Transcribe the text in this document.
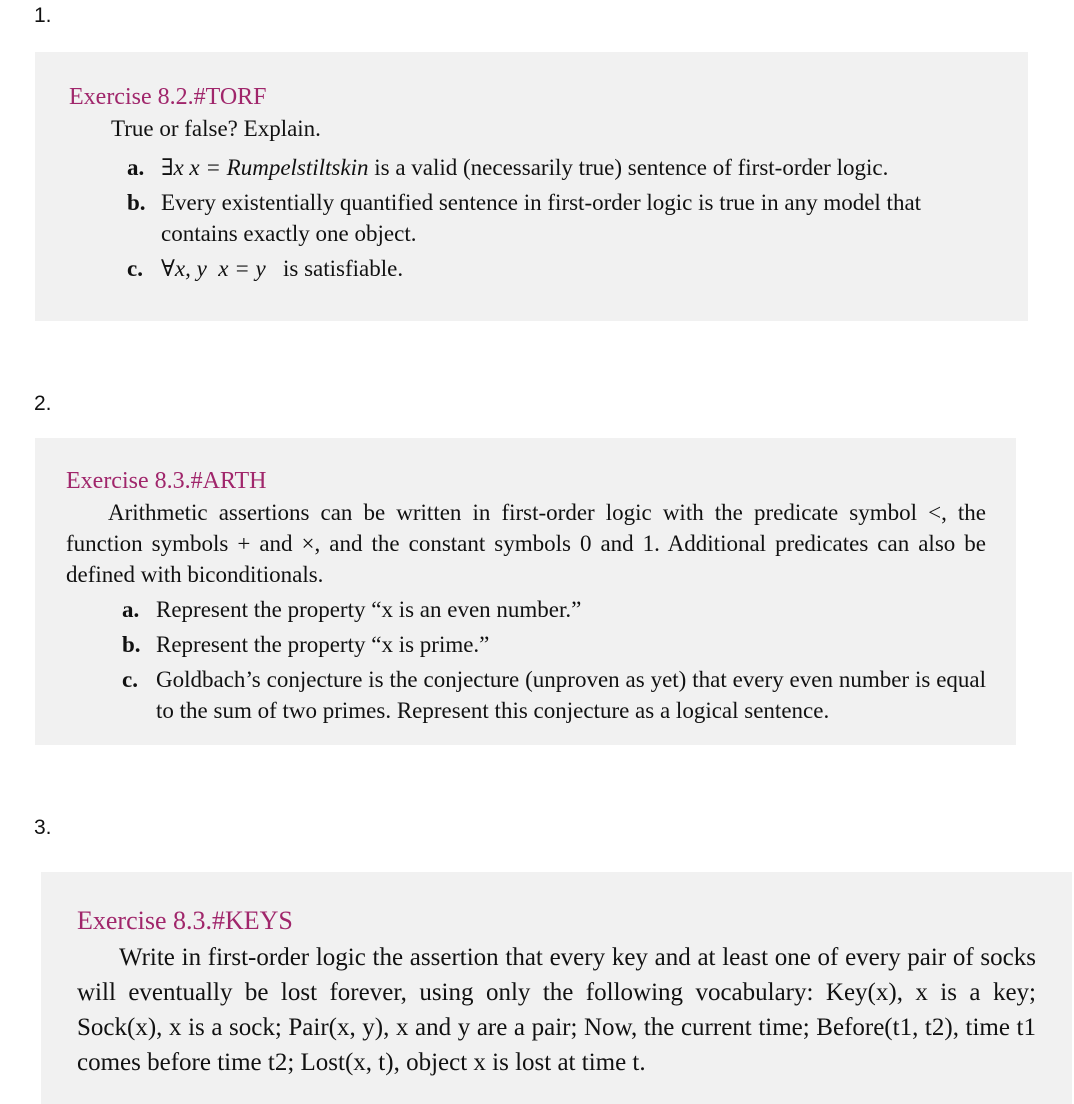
1.
2.
3.

Exercise 8.2.#TORF

True or false? Explain.

a. ∃x x = Rumpelstiltskin is a valid (necessarily true) sentence of first-order logic.
b. Every existentially quantified sentence in first-order logic is true in any model that contains exactly one object.
c. ∀x, y  x = y   is satisfiable.

Exercise 8.3.#ARTH

Arithmetic assertions can be written in first-order logic with the predicate symbol <, the function symbols + and ×, and the constant symbols 0 and 1. Additional predicates can also be defined with biconditionals.

a. Represent the property “x is an even number.”
b. Represent the property “x is prime.”
c. Goldbach’s conjecture is the conjecture (unproven as yet) that every even number is equal to the sum of two primes. Represent this conjecture as a logical sentence.

Exercise 8.3.#KEYS

Write in first-order logic the assertion that every key and at least one of every pair of socks will eventually be lost forever, using only the following vocabulary: Key(x), x is a key; Sock(x), x is a sock; Pair(x, y), x and y are a pair; Now, the current time; Before(t1, t2), time t1 comes before time t2; Lost(x, t), object x is lost at time t.
